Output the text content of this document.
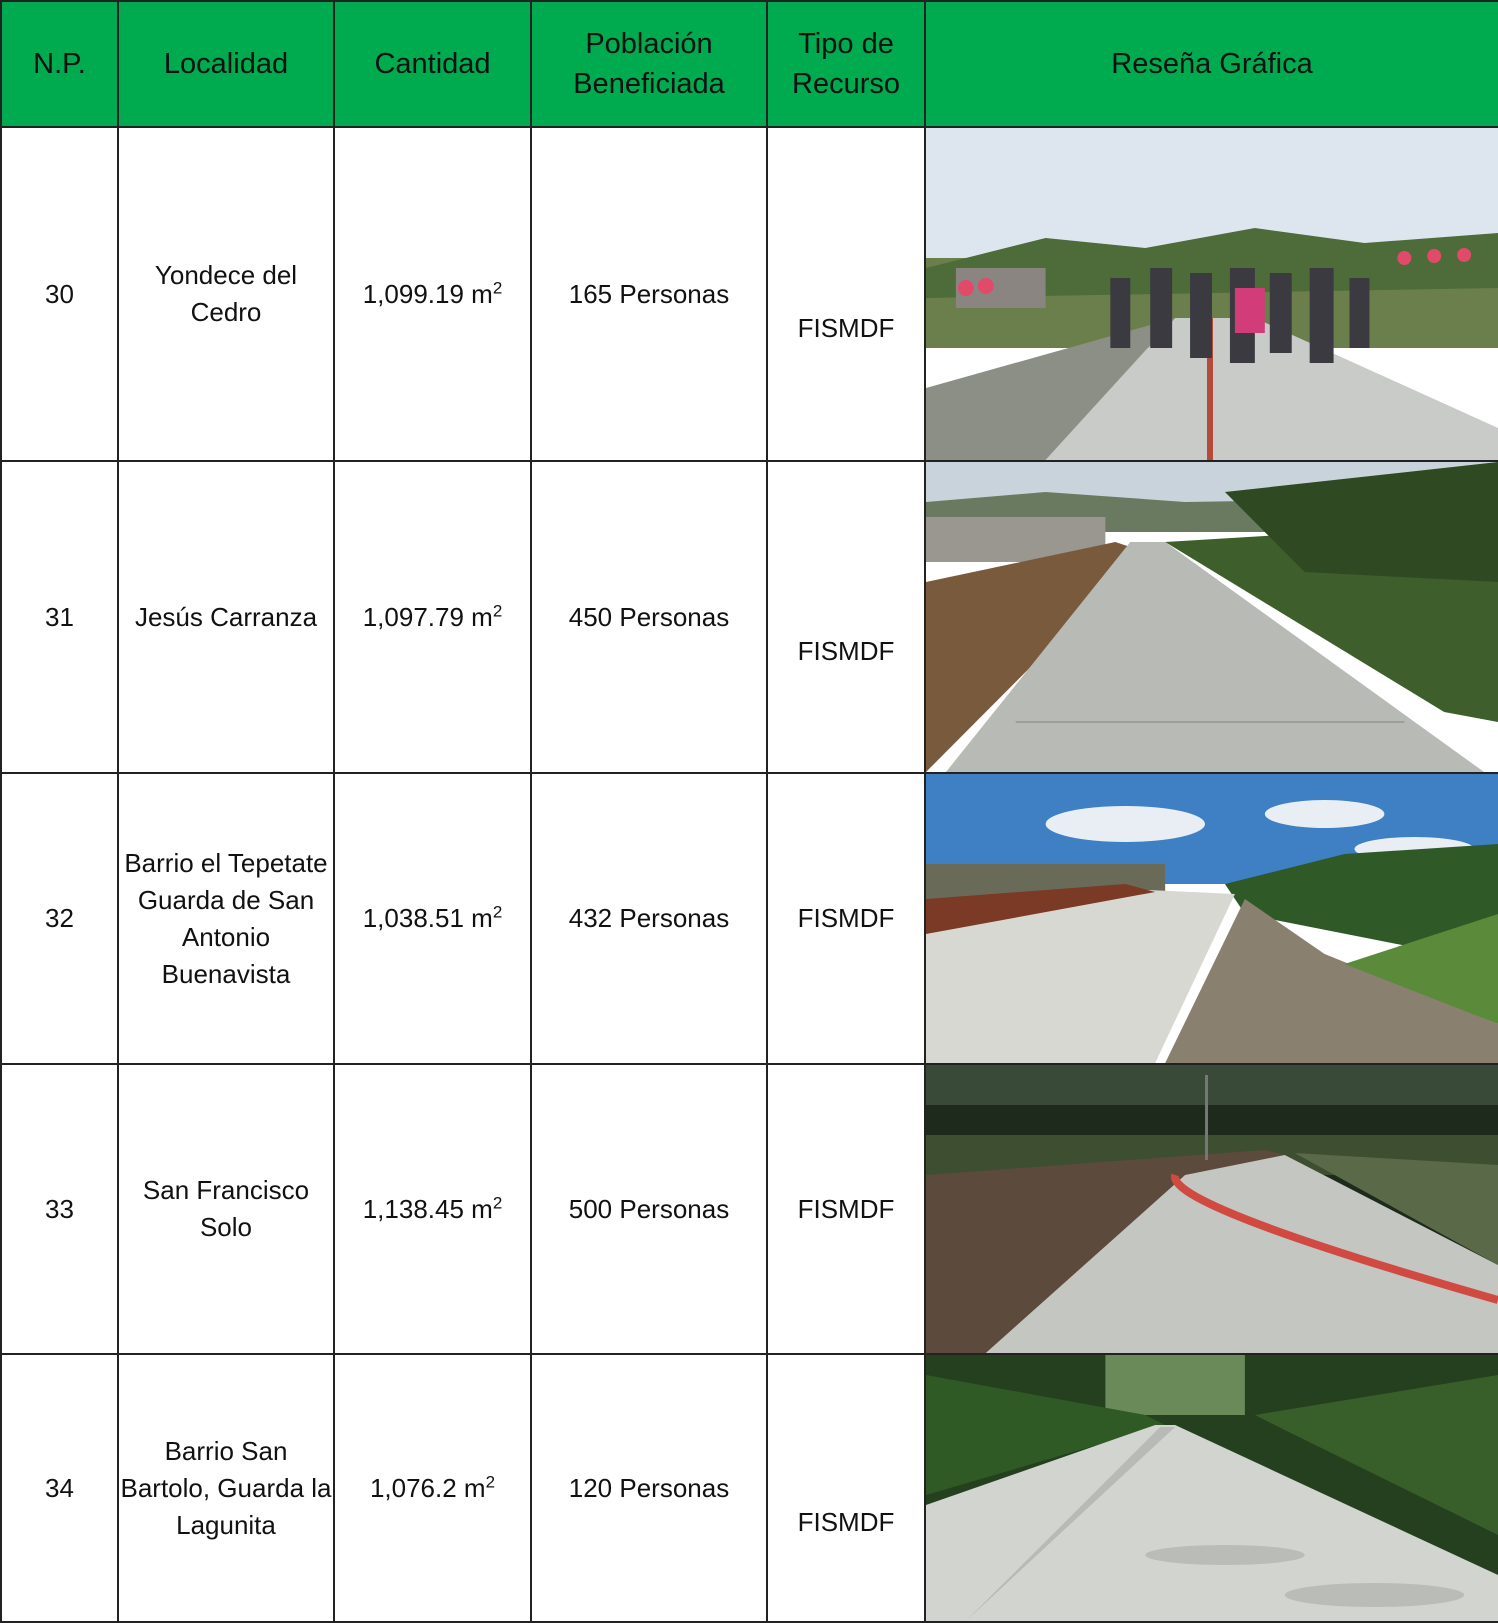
N.P.	Localidad	Cantidad	Población Beneficiada	Tipo de Recurso	Reseña Gráfica
30	Yondece del Cedro	1,099.19 $m^2$	165 Personas	FISMDF	

31	Jesús Carranza	1,097.79 $m^2$	450 Personas	FISMDF	

32	Barrio el Tepetate Guarda de San Antonio Buenavista	1,038.51 $m^2$	432 Personas	FISMDF	

33	San Francisco Solo	1,138.45 $m^2$	500 Personas	FISMDF	

34	Barrio San Bartolo, Guarda la Lagunita	1,076.2 $m^2$	120 Personas	FISMDF	
